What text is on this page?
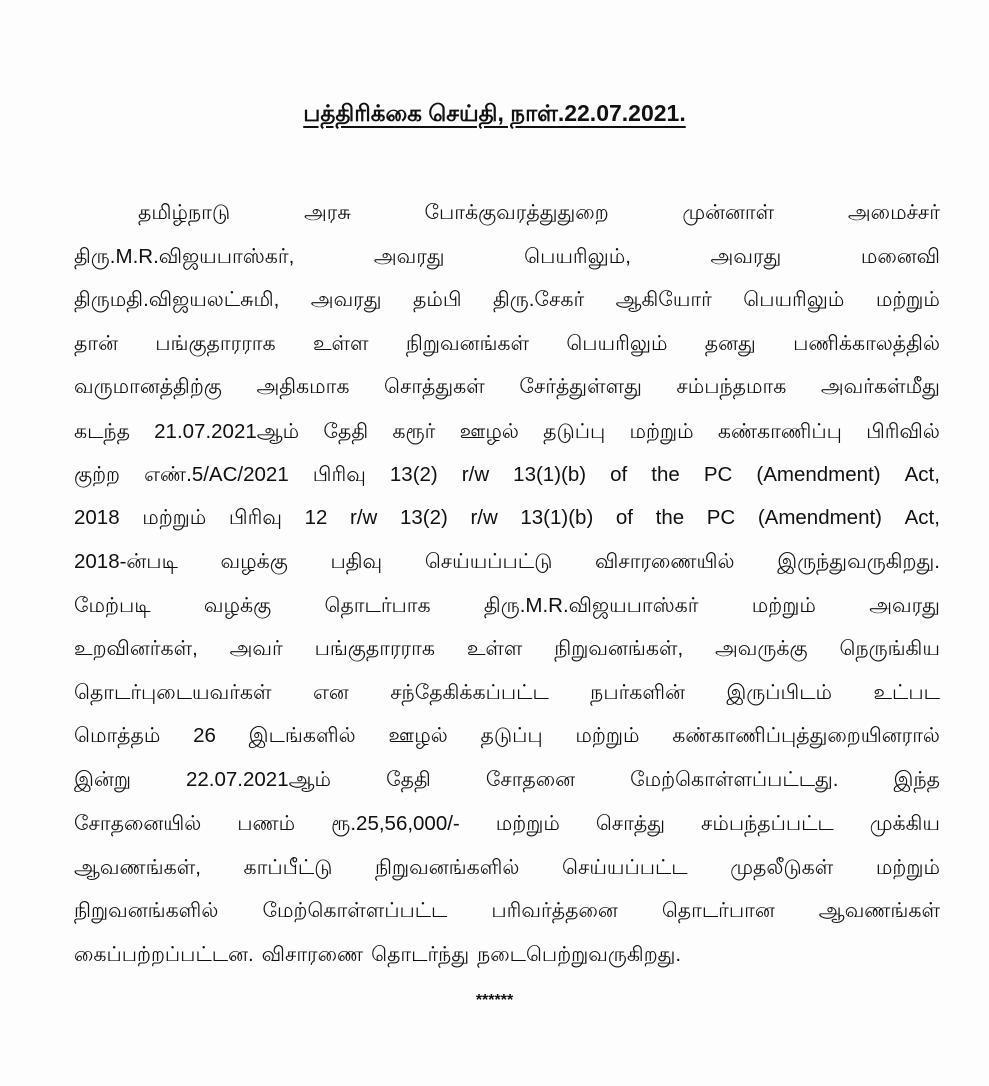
பத்திரிக்கை செய்தி, நாள்.22.07.2021.
தமிழ்நாடு	அரசு	போக்குவரத்துதுறை	முன்னாள்	அமைச்சர்
திரு.M.R.விஜயபாஸ்கர்,	அவரது	பெயரிலும்,	அவரது	மனைவி
திருமதி.விஜயலட்சுமி, அவரது தம்பி திரு.சேகர் ஆகியோர் பெயரிலும் மற்றும்
தான் பங்குதாரராக உள்ள நிறுவனங்கள் பெயரிலும் தனது பணிக்காலத்தில்
வருமானத்திற்கு அதிகமாக சொத்துகள் சேர்த்துள்ளது சம்பந்தமாக அவர்கள்மீது
கடந்த 21.07.2021ஆம் தேதி கரூர் ஊழல் தடுப்பு மற்றும் கண்காணிப்பு பிரிவில்
குற்ற எண்.5/AC/2021 பிரிவு 13(2) r/w 13(1)(b) of the PC (Amendment) Act,
2018 மற்றும் பிரிவு 12 r/w 13(2) r/w 13(1)(b) of the PC (Amendment) Act,
2018-ன்படி வழக்கு பதிவு செய்யப்பட்டு விசாரணையில் இருந்துவருகிறது.
மேற்படி	வழக்கு	தொடர்பாக	திரு.M.R.விஜயபாஸ்கர்	மற்றும்	அவரது
உறவினர்கள், அவர் பங்குதாரராக உள்ள நிறுவனங்கள், அவருக்கு நெருங்கிய
தொடர்புடையவர்கள் என சந்தேகிக்கப்பட்ட நபர்களின் இருப்பிடம் உட்பட
மொத்தம் 26 இடங்களில் ஊழல் தடுப்பு மற்றும் கண்காணிப்புத்துறையினரால்
இன்று	22.07.2021ஆம்	தேதி	சோதனை	மேற்கொள்ளப்பட்டது.	இந்த
சோதனையில் பணம் ரூ.25,56,000/- மற்றும் சொத்து சம்பந்தப்பட்ட முக்கிய
ஆவணங்கள், காப்பீட்டு நிறுவனங்களில் செய்யப்பட்ட முதலீடுகள் மற்றும்
நிறுவனங்களில் மேற்கொள்ளப்பட்ட பரிவர்த்தனை தொடர்பான ஆவணங்கள்
கைப்பற்றப்பட்டன. விசாரணை தொடர்ந்து நடைபெற்றுவருகிறது.
******
